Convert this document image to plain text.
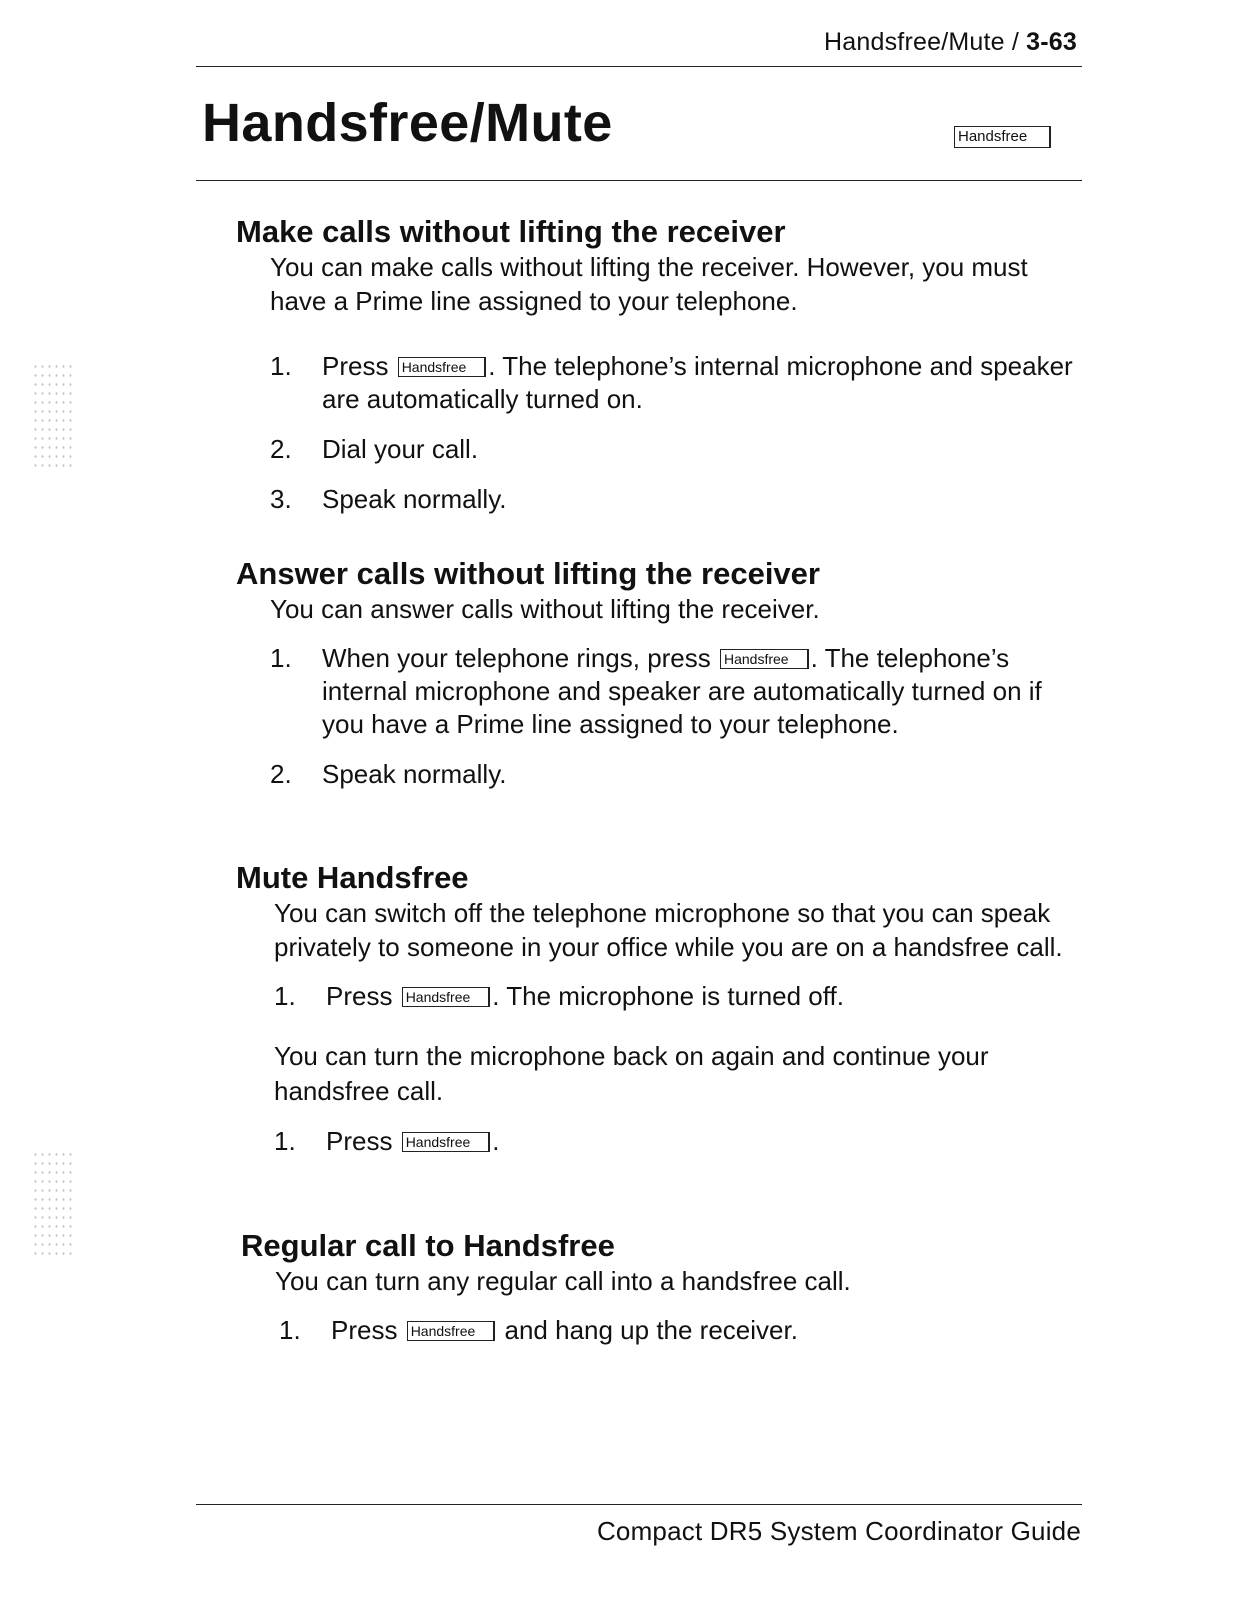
Handsfree/Mute / 3-63
Handsfree/Mute	Handsfree
Make calls without lifting the receiver

You can make calls without lifting the receiver. However, you must have a Prime line assigned to your telephone.

1. Press Handsfree . The telephone’s internal microphone and speaker are automatically turned on.
2. Dial your call.
3. Speak normally.
Answer calls without lifting the receiver

You can answer calls without lifting the receiver.

1. When your telephone rings, press Handsfree . The telephone’s internal microphone and speaker are automatically turned on if you have a Prime line assigned to your telephone.
2. Speak normally.
Mute Handsfree

You can switch off the telephone microphone so that you can speak privately to someone in your office while you are on a handsfree call.

1. Press Handsfree . The microphone is turned off.

You can turn the microphone back on again and continue your handsfree call.

1. Press Handsfree .
Regular call to Handsfree

You can turn any regular call into a handsfree call.

1. Press Handsfree and hang up the receiver.
Compact DR5 System Coordinator Guide
